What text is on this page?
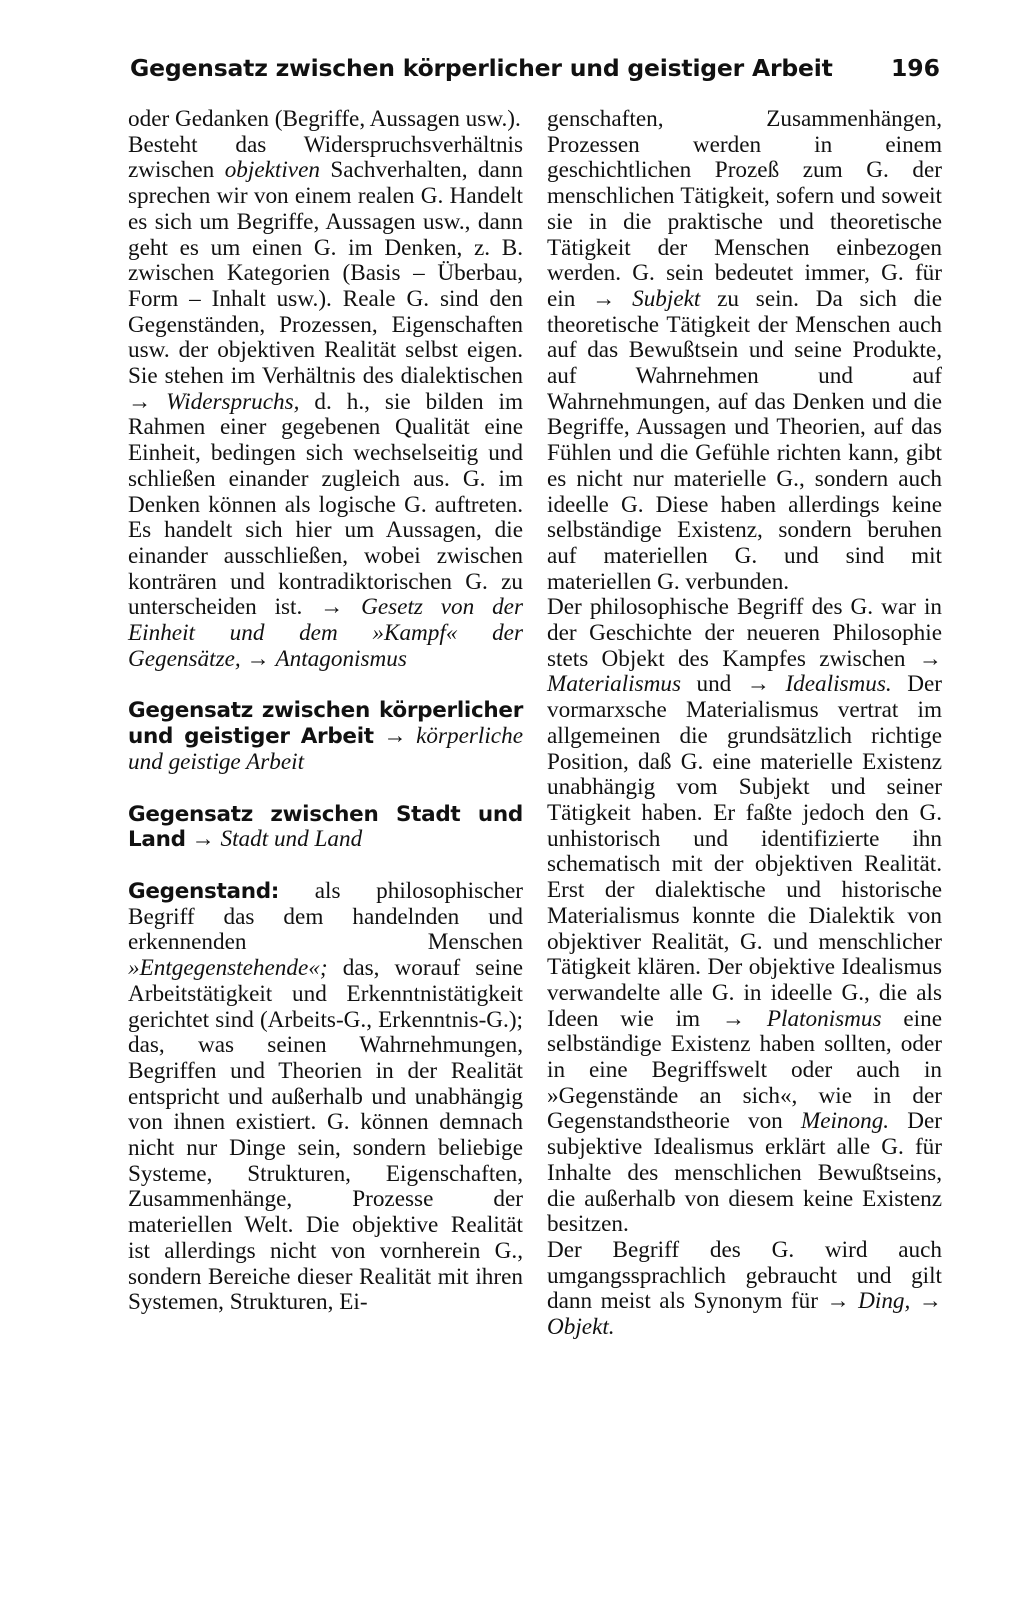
Gegensatz zwischen körperlicher und geistiger Arbeit 196

oder Gedanken (Begriffe, Aussagen usw.).

Besteht das Widerspruchsverhältnis zwischen objektiven Sachverhalten, dann sprechen wir von einem realen G. Handelt es sich um Begriffe, Aussagen usw., dann geht es um einen G. im Denken, z. B. zwischen Kategorien (Basis – Überbau, Form – Inhalt usw.). Reale G. sind den Gegenständen, Prozessen, Eigenschaften usw. der objektiven Realität selbst eigen. Sie stehen im Verhältnis des dialektischen → Widerspruchs, d. h., sie bilden im Rahmen einer gegebenen Qualität eine Einheit, bedingen sich wechselseitig und schließen einander zugleich aus. G. im Denken können als logische G. auftreten. Es handelt sich hier um Aussagen, die einander ausschließen, wobei zwischen konträren und kontradiktorischen G. zu unterscheiden ist. → Gesetz von der Einheit und dem »Kampf« der Gegensätze, → Antagonismus

Gegensatz zwischen körperlicher und geistiger Arbeit → körperliche und geistige Arbeit

Gegensatz zwischen Stadt und Land → Stadt und Land

Gegenstand: als philosophischer Begriff das dem handelnden und erkennenden Menschen »Entgegenstehende«; das, worauf seine Arbeitstätigkeit und Erkenntnistätigkeit gerichtet sind (Arbeits-G., Erkenntnis-G.); das, was seinen Wahrnehmungen, Begriffen und Theorien in der Realität entspricht und außerhalb und unabhängig von ihnen existiert. G. können demnach nicht nur Dinge sein, sondern beliebige Systeme, Strukturen, Eigenschaften, Zusammenhänge, Prozesse der materiellen Welt. Die objektive Realität ist allerdings nicht von vornherein G., sondern Bereiche dieser Realität mit ihren Systemen, Strukturen, Ei-

genschaften, Zusammenhängen, Prozessen werden in einem geschichtlichen Prozeß zum G. der menschlichen Tätigkeit, sofern und soweit sie in die praktische und theoretische Tätigkeit der Menschen einbezogen werden. G. sein bedeutet immer, G. für ein → Subjekt zu sein. Da sich die theoretische Tätigkeit der Menschen auch auf das Bewußtsein und seine Produkte, auf Wahrnehmen und auf Wahrnehmungen, auf das Denken und die Begriffe, Aussagen und Theorien, auf das Fühlen und die Gefühle richten kann, gibt es nicht nur materielle G., sondern auch ideelle G. Diese haben allerdings keine selbständige Existenz, sondern beruhen auf materiellen G. und sind mit materiellen G. verbunden.

Der philosophische Begriff des G. war in der Geschichte der neueren Philosophie stets Objekt des Kampfes zwischen → Materialismus und → Idealismus. Der vormarxsche Materialismus vertrat im allgemeinen die grundsätzlich richtige Position, daß G. eine materielle Existenz unabhängig vom Subjekt und seiner Tätigkeit haben. Er faßte jedoch den G. unhistorisch und identifizierte ihn schematisch mit der objektiven Realität. Erst der dialektische und historische Materialismus konnte die Dialektik von objektiver Realität, G. und menschlicher Tätigkeit klären. Der objektive Idealismus verwandelte alle G. in ideelle G., die als Ideen wie im → Platonismus eine selbständige Existenz haben sollten, oder in eine Begriffswelt oder auch in »Gegenstände an sich«, wie in der Gegenstandstheorie von Meinong. Der subjektive Idealismus erklärt alle G. für Inhalte des menschlichen Bewußtseins, die außerhalb von diesem keine Existenz besitzen.

Der Begriff des G. wird auch umgangssprachlich gebraucht und gilt dann meist als Synonym für → Ding, → Objekt.
